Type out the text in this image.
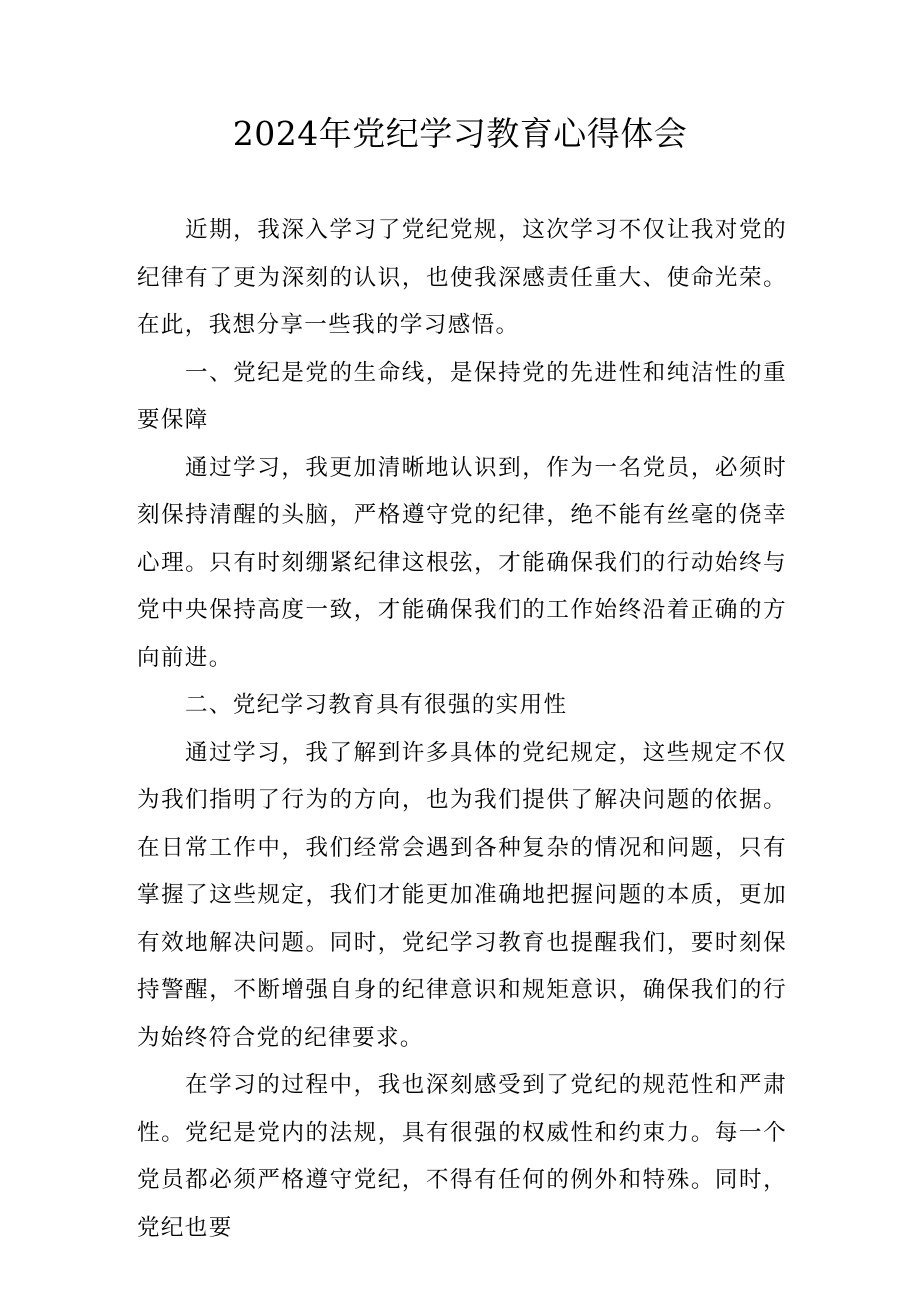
2024年党纪学习教育心得体会

近期，我深入学习了党纪党规，这次学习不仅让我对党的纪律有了更为深刻的认识，也使我深感责任重大、使命光荣。在此，我想分享一些我的学习感悟。

一、党纪是党的生命线，是保持党的先进性和纯洁性的重要保障

通过学习，我更加清晰地认识到，作为一名党员，必须时刻保持清醒的头脑，严格遵守党的纪律，绝不能有丝毫的侥幸心理。只有时刻绷紧纪律这根弦，才能确保我们的行动始终与党中央保持高度一致，才能确保我们的工作始终沿着正确的方向前进。

二、党纪学习教育具有很强的实用性

通过学习，我了解到许多具体的党纪规定，这些规定不仅为我们指明了行为的方向，也为我们提供了解决问题的依据。在日常工作中，我们经常会遇到各种复杂的情况和问题，只有掌握了这些规定，我们才能更加准确地把握问题的本质，更加有效地解决问题。同时，党纪学习教育也提醒我们，要时刻保持警醒，不断增强自身的纪律意识和规矩意识，确保我们的行为始终符合党的纪律要求。

在学习的过程中，我也深刻感受到了党纪的规范性和严肃性。党纪是党内的法规，具有很强的权威性和约束力。每一个党员都必须严格遵守党纪，不得有任何的例外和特殊。同时，党纪也要
